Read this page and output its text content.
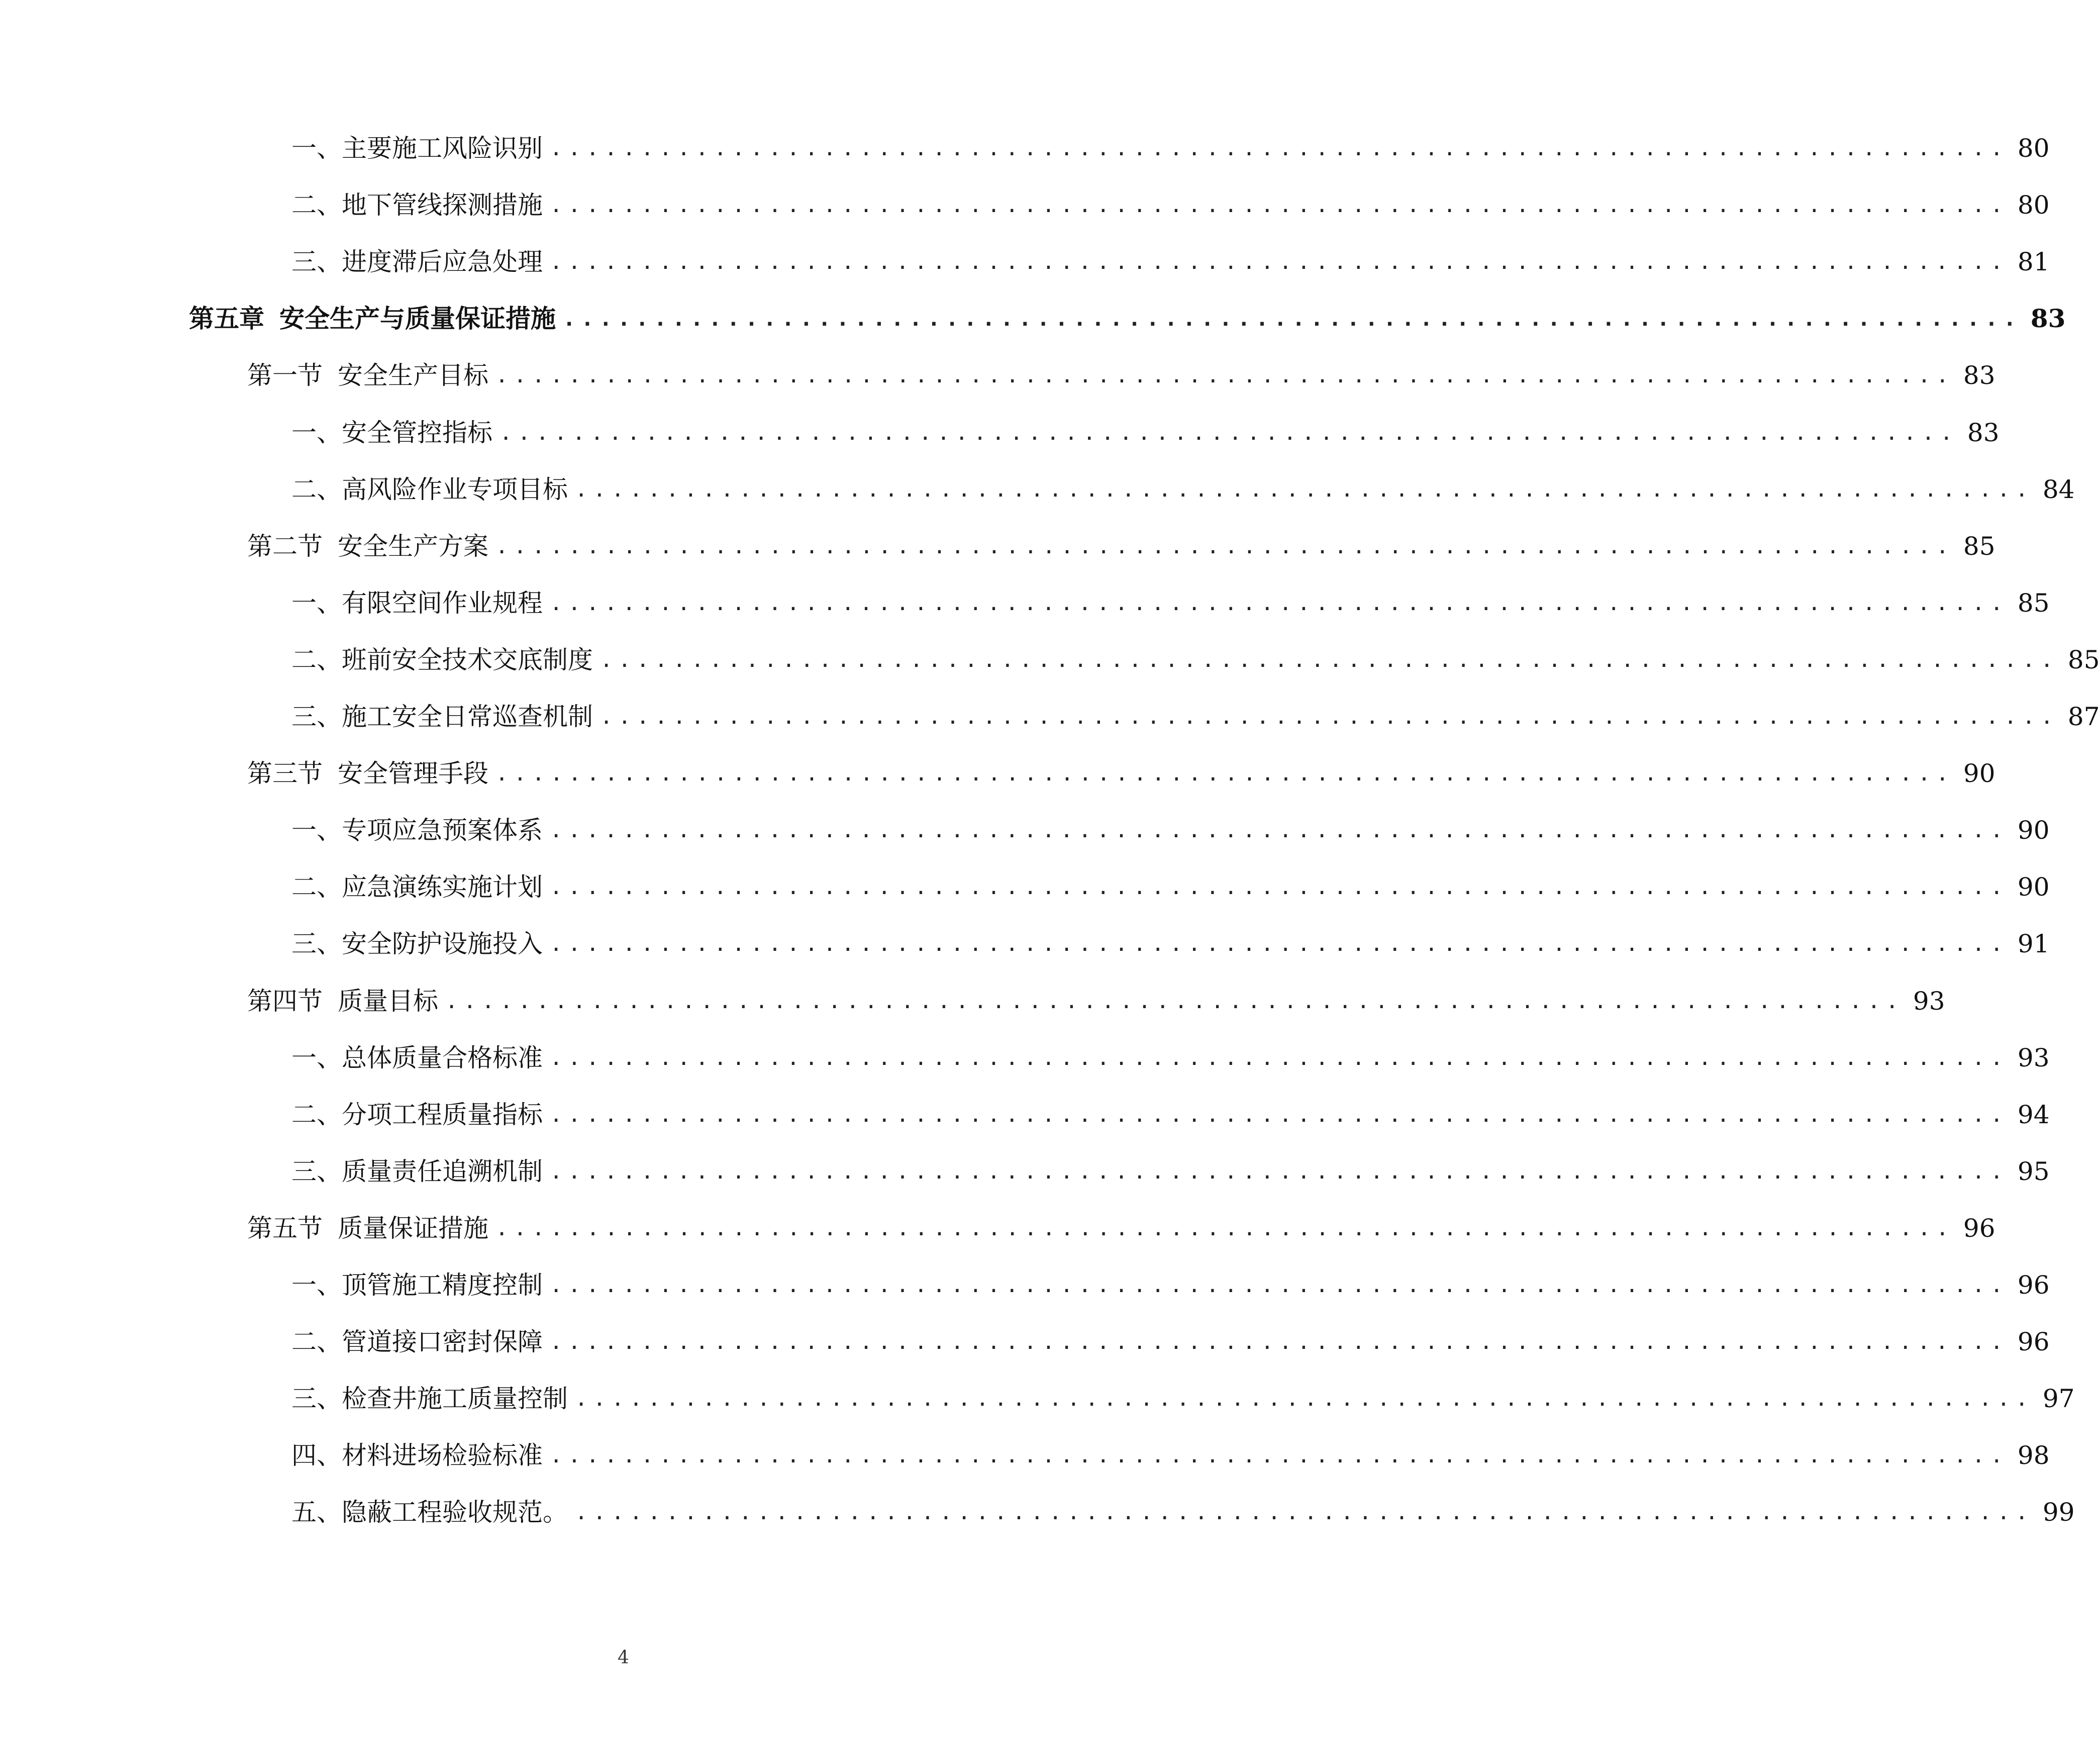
一、主要施工风险识别 ................................................................................ 80
二、地下管线探测措施 ................................................................................ 80
三、进度滞后应急处理 ................................................................................ 81
第五章 安全生产与质量保证措施 ................................................................................ 83
第一节 安全生产目标 ................................................................................ 83
一、安全管控指标 ................................................................................ 83
二、高风险作业专项目标 ................................................................................ 84
第二节 安全生产方案 ................................................................................ 85
一、有限空间作业规程 ................................................................................ 85
二、班前安全技术交底制度 ................................................................................ 85
三、施工安全日常巡查机制 ................................................................................ 87
第三节 安全管理手段 ................................................................................ 90
一、专项应急预案体系 ................................................................................ 90
二、应急演练实施计划 ................................................................................ 90
三、安全防护设施投入 ................................................................................ 91
第四节 质量目标 ................................................................................ 93
一、总体质量合格标准 ................................................................................ 93
二、分项工程质量指标 ................................................................................ 94
三、质量责任追溯机制 ................................................................................ 95
第五节 质量保证措施 ................................................................................ 96
一、顶管施工精度控制 ................................................................................ 96
二、管道接口密封保障 ................................................................................ 96
三、检查井施工质量控制 ................................................................................ 97
四、材料进场检验标准 ................................................................................ 98
五、隐蔽工程验收规范。 ................................................................................ 99
4
